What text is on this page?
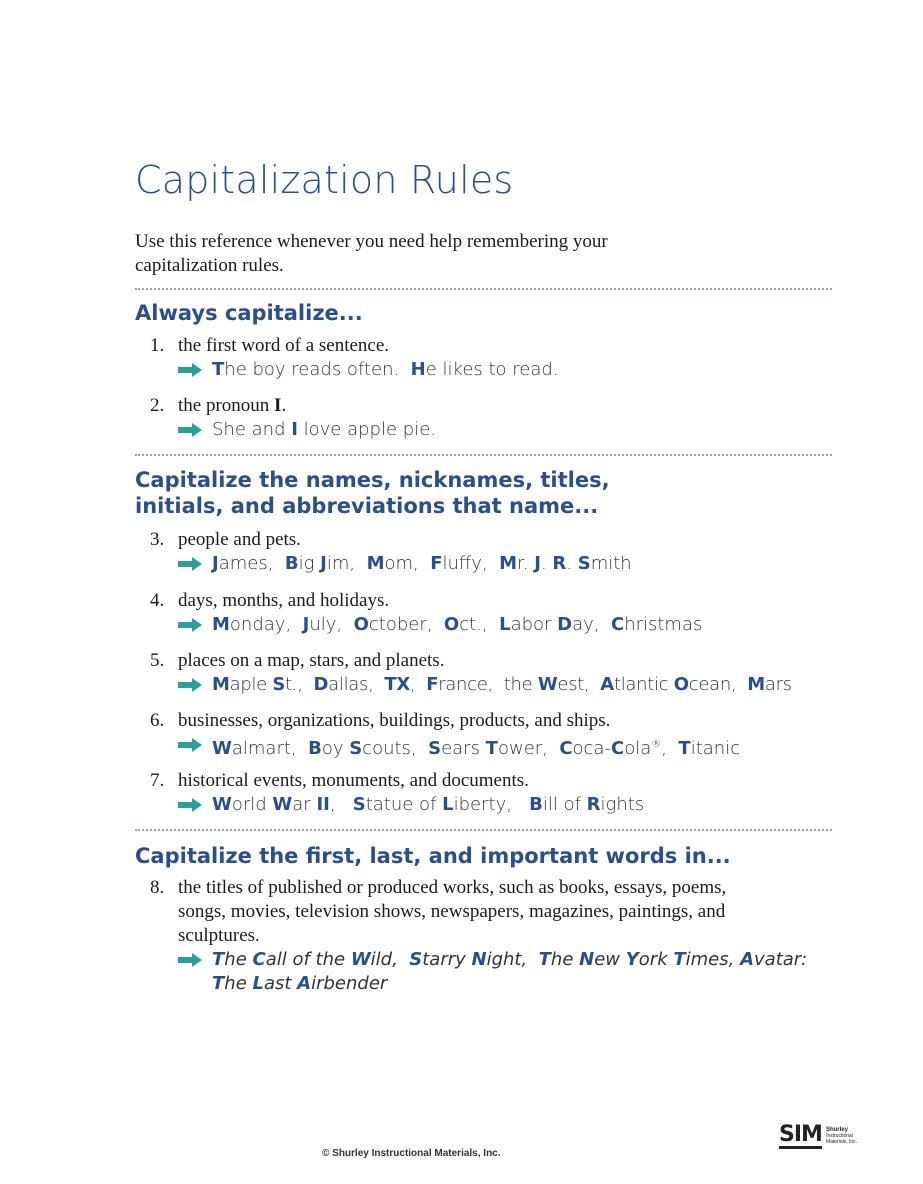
Capitalization Rules
Use this reference whenever you need help remembering your capitalization rules.
Always capitalize...
1. the first word of a sentence.
The boy reads often.  He likes to read.
2. the pronoun I.
She and I love apple pie.
Capitalize the names, nicknames, titles, initials, and abbreviations that name...
3. people and pets.
James,  Big Jim,  Mom,  Fluffy,  Mr. J. R. Smith
4. days, months, and holidays.
Monday,  July,  October,  Oct.,  Labor Day,  Christmas
5. places on a map, stars, and planets.
Maple St.,  Dallas,  TX,  France,  the West,  Atlantic Ocean,  Mars
6. businesses, organizations, buildings, products, and ships.
Walmart,  Boy Scouts,  Sears Tower,  Coca-Cola®,  Titanic
7. historical events, monuments, and documents.
World War II,   Statue of Liberty,   Bill of Rights
Capitalize the first, last, and important words in...
8. the titles of published or produced works, such as books, essays, poems, songs, movies, television shows, newspapers, magazines, paintings, and sculptures.
The Call of the Wild,  Starry Night,  The New York Times, Avatar: The Last Airbender
© Shurley Instructional Materials, Inc.
SIM Shurley
Instructional
Materials, Inc.
